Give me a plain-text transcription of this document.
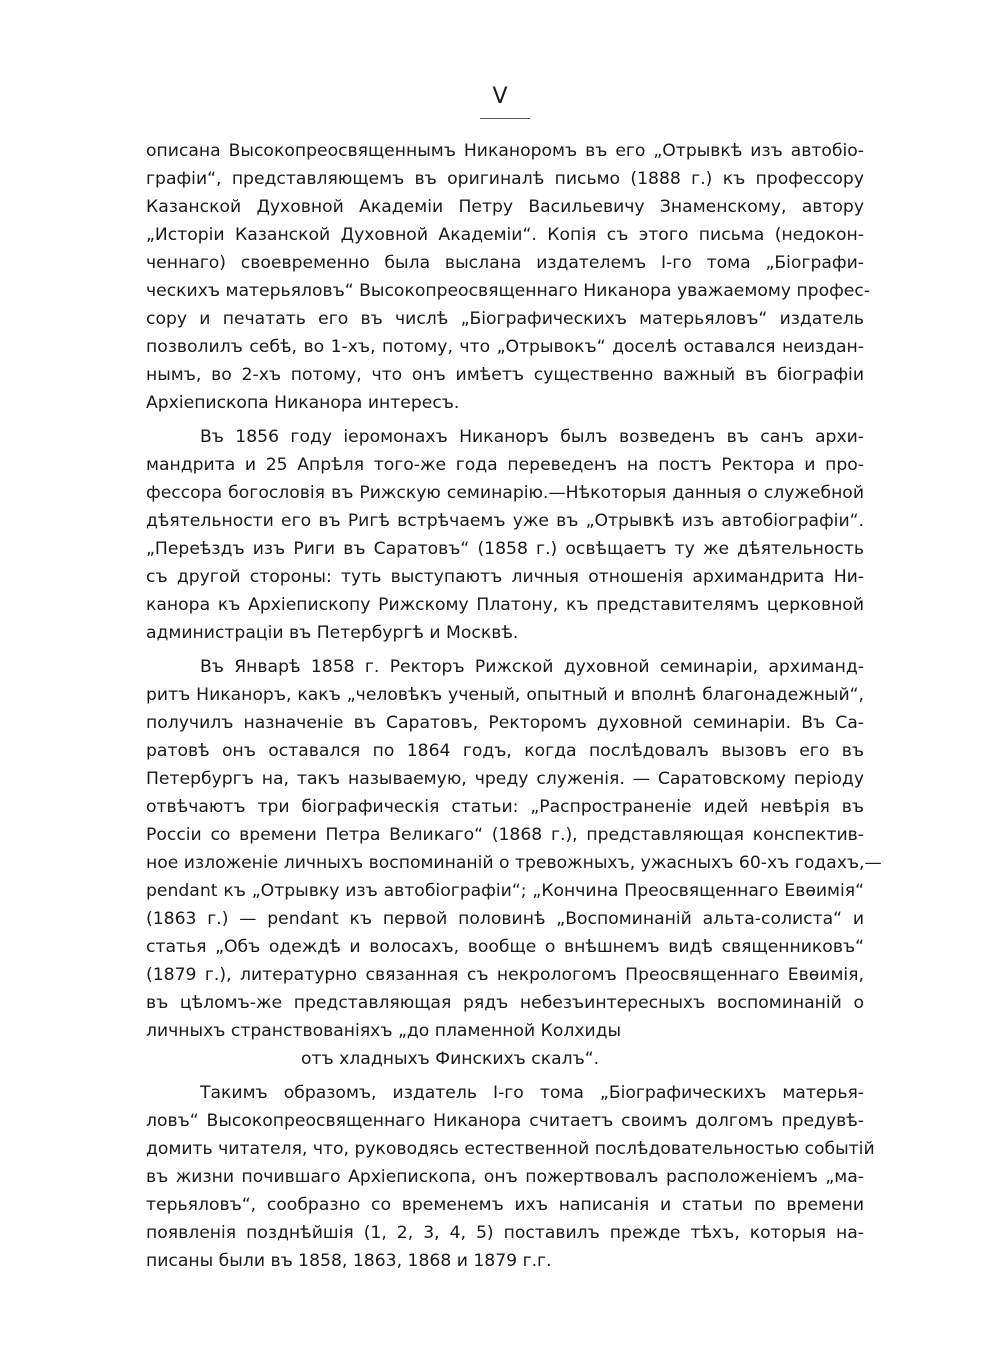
V
описана Высокопреосвященнымъ Никаноромъ въ его „Отрывкѣ изъ автобіо-
графіи“, представляющемъ въ оригиналѣ письмо (1888 г.) къ профессору
Казанской Духовной Академіи Петру Васильевичу Знаменскому, автору
„Исторіи Казанской Духовной Академіи“. Копія съ этого письма (недокон-
ченнаго) своевременно была выслана издателемъ I-го тома „Біографи-
ческихъ матерьяловъ“ Высокопреосвященнаго Никанора уважаемому профес-
сору и печатать его въ числѣ „Біографическихъ матерьяловъ“ издатель
позволилъ себѣ, во 1-хъ, потому, что „Отрывокъ“ доселѣ оставался неиздан-
нымъ, во 2-хъ потому, что онъ имѣетъ существенно важный въ біографіи
Архіепископа Никанора интересъ.
Въ 1856 году іеромонахъ Никаноръ былъ возведенъ въ санъ архи-
мандрита и 25 Апрѣля того-же года переведенъ на постъ Ректора и про-
фессора богословія въ Рижскую семинарію.—Нѣкоторыя данныя о служебной
дѣятельности его въ Ригѣ встрѣчаемъ уже въ „Отрывкѣ изъ автобіографіи“.
„Переѣздъ изъ Риги въ Саратовъ“ (1858 г.) освѣщаетъ ту же дѣятельность
съ другой стороны: туть выступаютъ личныя отношенія архимандрита Ни-
канора къ Архіепископу Рижскому Платону, къ представителямъ церковной
администраціи въ Петербургѣ и Москвѣ.
Въ Январѣ 1858 г. Ректоръ Рижской духовной семинаріи, архиманд-
ритъ Никаноръ, какъ „человѣкъ ученый, опытный и вполнѣ благонадежный“,
получилъ назначеніе въ Саратовъ, Ректоромъ духовной семинаріи. Въ Са-
ратовѣ онъ оставался по 1864 годъ, когда послѣдовалъ вызовъ его въ
Петербургъ на, такъ называемую, чреду служенія. — Саратовскому періоду
отвѣчаютъ три біографическія статьи: „Распространеніе идей невѣрія въ
Россіи со времени Петра Великаго“ (1868 г.), представляющая конспектив-
ное изложеніе личныхъ воспоминаній о тревожныхъ, ужасныхъ 60-хъ годахъ,—
pendant къ „Отрывку изъ автобіографіи“; „Кончина Преосвященнаго Евѳимія“
(1863 г.) — pendant къ первой половинѣ „Воспоминаній альта-солиста“ и
статья „Объ одеждѣ и волосахъ, вообще о внѣшнемъ видѣ священниковъ“
(1879 г.), литературно связанная съ некрологомъ Преосвященнаго Евѳимія,
въ цѣломъ-же представляющая рядъ небезъинтересныхъ воспоминаній о
личныхъ странствованіяхъ „до пламенной Колхиды
отъ хладныхъ Финскихъ скалъ“.
Такимъ образомъ, издатель I-го тома „Біографическихъ матерья-
ловъ“ Высокопреосвященнаго Никанора считаетъ своимъ долгомъ предувѣ-
домить читателя, что, руководясь естественной послѣдовательностью событій
въ жизни почившаго Архіепископа, онъ пожертвовалъ расположеніемъ „ма-
терьяловъ“, сообразно со временемъ ихъ написанія и статьи по времени
появленія позднѣйшія (1, 2, 3, 4, 5) поставилъ прежде тѣхъ, которыя на-
писаны были въ 1858, 1863, 1868 и 1879 г.г.
